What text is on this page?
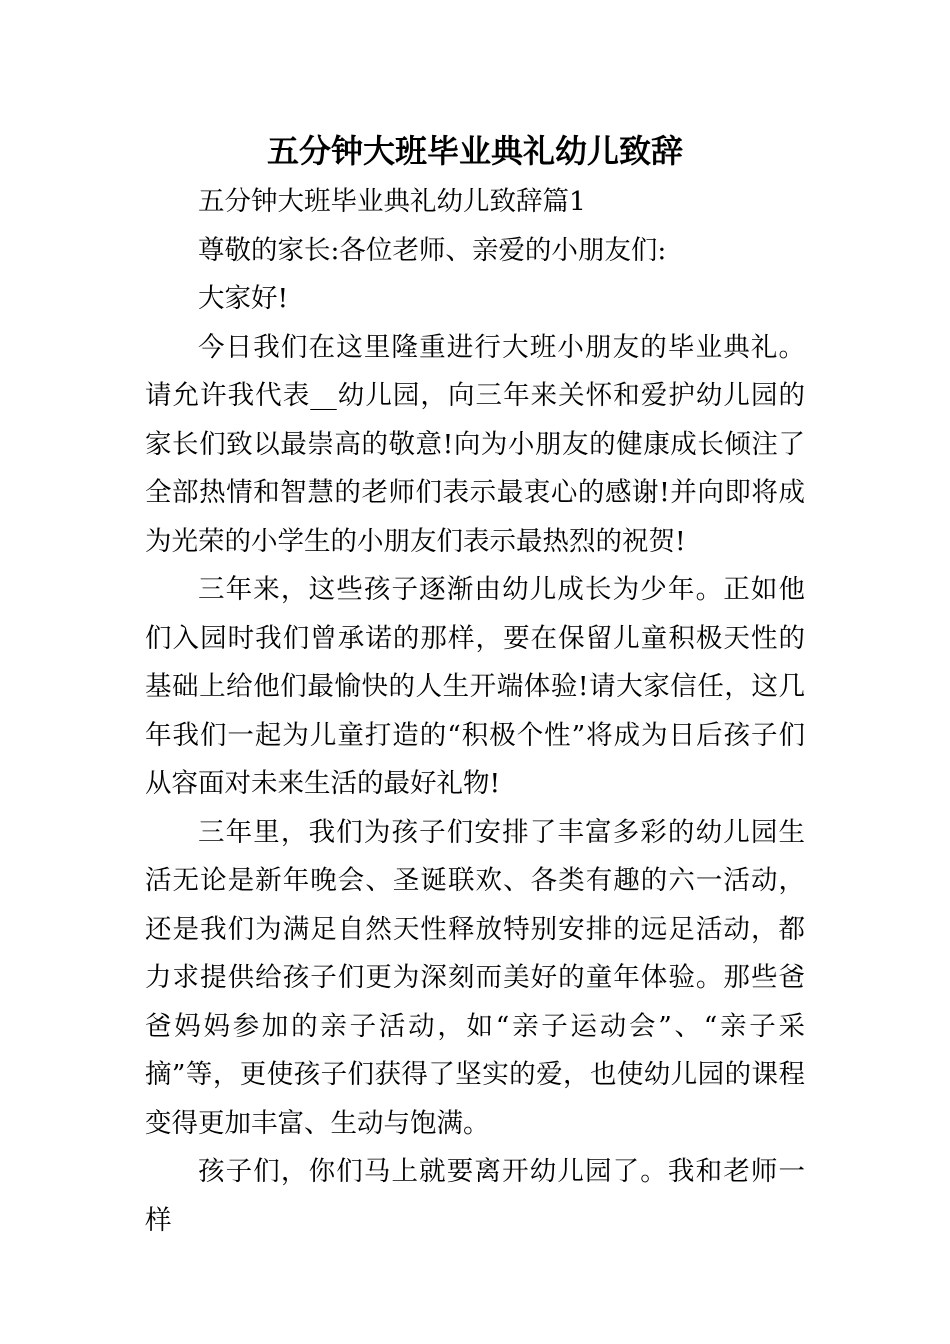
五分钟大班毕业典礼幼儿致辞

五分钟大班毕业典礼幼儿致辞篇1

尊敬的家长:各位老师、亲爱的小朋友们:

大家好!

今日我们在这里隆重进行大班小朋友的毕业典礼。请允许我代表__幼儿园，向三年来关怀和爱护幼儿园的家长们致以最崇高的敬意!向为小朋友的健康成长倾注了全部热情和智慧的老师们表示最衷心的感谢!并向即将成为光荣的小学生的小朋友们表示最热烈的祝贺!

三年来，这些孩子逐渐由幼儿成长为少年。正如他们入园时我们曾承诺的那样，要在保留儿童积极天性的基础上给他们最愉快的人生开端体验!请大家信任，这几年我们一起为儿童打造的“积极个性”将成为日后孩子们从容面对未来生活的最好礼物!

三年里，我们为孩子们安排了丰富多彩的幼儿园生活无论是新年晚会、圣诞联欢、各类有趣的六一活动，还是我们为满足自然天性释放特别安排的远足活动，都力求提供给孩子们更为深刻而美好的童年体验。那些爸爸妈妈参加的亲子活动，如“亲子运动会”、“亲子采摘”等，更使孩子们获得了坚实的爱，也使幼儿园的课程变得更加丰富、生动与饱满。

孩子们，你们马上就要离开幼儿园了。我和老师一样
